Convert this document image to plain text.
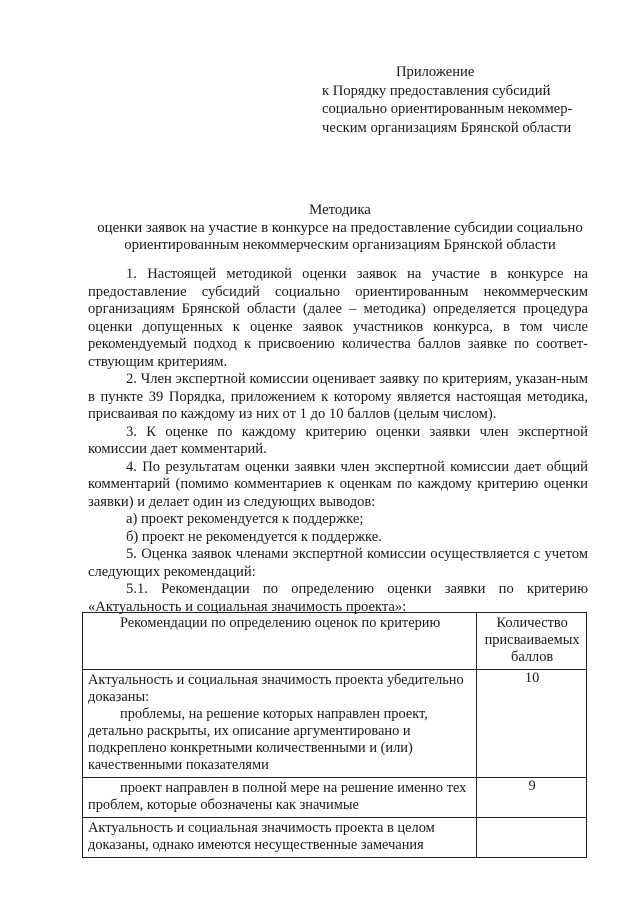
Приложение
к Порядку предоставления субсидий
социально ориентированным некоммер-
ческим организациям Брянской области
Методика
оценки заявок на участие в конкурсе на предоставление субсидии социально
ориентированным некоммерческим организациям Брянской области

1. Настоящей методикой оценки заявок на участие в конкурсе на предоставление субсидий социально ориентированным некоммерческим организациям Брянской области (далее – методика) определяется процедура оценки допущенных к оценке заявок участников конкурса, в том числе рекомендуемый подход к присвоению количества баллов заявке по соответ-ствующим критериям.

2. Член экспертной комиссии оценивает заявку по критериям, указан-ным в пункте 39 Порядка, приложением к которому является настоящая методика, присваивая по каждому из них от 1 до 10 баллов (целым числом).

3. К оценке по каждому критерию оценки заявки член экспертной комиссии дает комментарий.

4. По результатам оценки заявки член экспертной комиссии дает общий комментарий (помимо комментариев к оценкам по каждому критерию оценки заявки) и делает один из следующих выводов:

а) проект рекомендуется к поддержке;

б) проект не рекомендуется к поддержке.

5. Оценка заявок членами экспертной комиссии осуществляется с учетом следующих рекомендаций:

5.1. Рекомендации по определению оценки заявки по критерию «Актуальность и социальная значимость проекта»:

Рекомендации по определению оценок по критерию	Количество присваиваемых баллов

Актуальность и социальная значимость проекта убедительно доказаны:
проблемы, на решение которых направлен проект, детально раскрыты, их описание аргументировано и подкреплено конкретными количественными и (или) качественными показателями	10

проект направлен в полной мере на решение именно тех проблем, которые обозначены как значимые	9

Актуальность и социальная значимость проекта в целом доказаны, однако имеются несущественные замечания	
